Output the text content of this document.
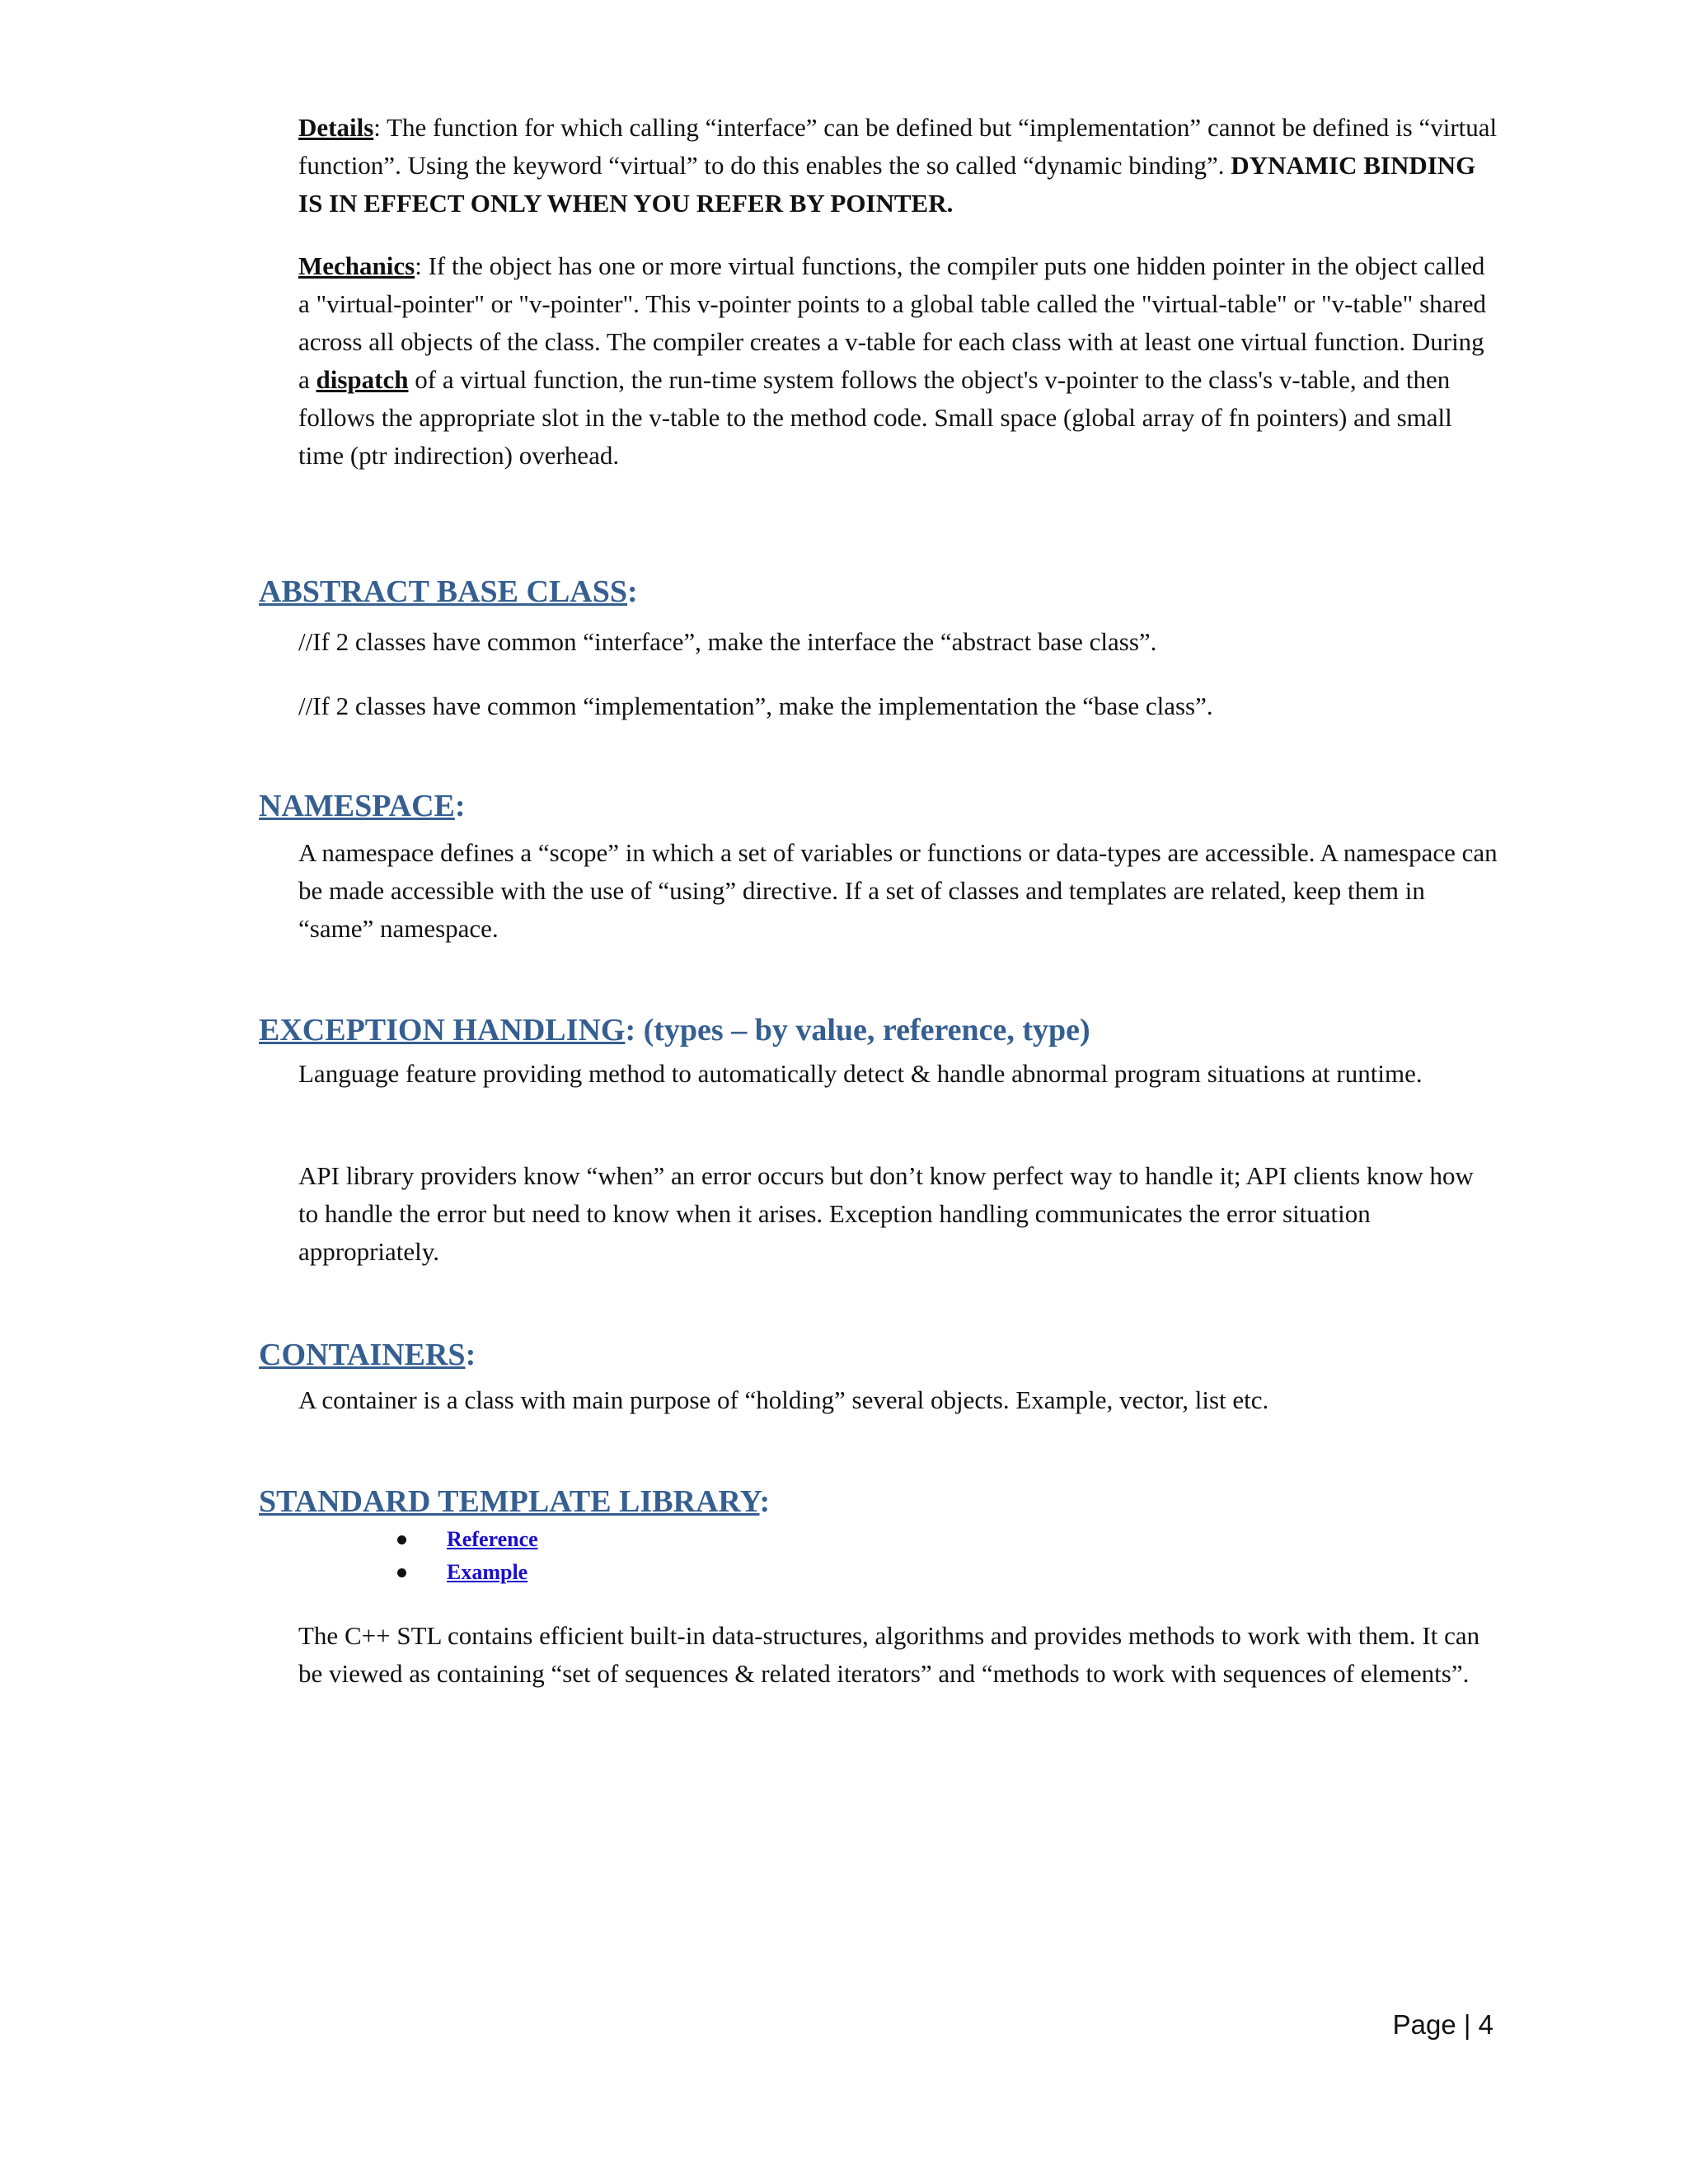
Details: The function for which calling “interface” can be defined but “implementation” cannot be defined is “virtual function”. Using the keyword “virtual” to do this enables the so called “dynamic binding”. DYNAMIC BINDING IS IN EFFECT ONLY WHEN YOU REFER BY POINTER.

Mechanics: If the object has one or more virtual functions, the compiler puts one hidden pointer in the object called a "virtual-pointer" or "v-pointer". This v-pointer points to a global table called the "virtual-table" or "v-table" shared across all objects of the class. The compiler creates a v-table for each class with at least one virtual function. During a dispatch of a virtual function, the run-time system follows the object's v-pointer to the class's v-table, and then follows the appropriate slot in the v-table to the method code. Small space (global array of fn pointers) and small time (ptr indirection) overhead.

ABSTRACT BASE CLASS:

//If 2 classes have common “interface”, make the interface the “abstract base class”.

//If 2 classes have common “implementation”, make the implementation the “base class”.

NAMESPACE:

A namespace defines a “scope” in which a set of variables or functions or data-types are accessible. A namespace can be made accessible with the use of “using” directive. If a set of classes and templates are related, keep them in “same” namespace.

EXCEPTION HANDLING: (types – by value, reference, type)

Language feature providing method to automatically detect & handle abnormal program situations at runtime.

API library providers know “when” an error occurs but don’t know perfect way to handle it; API clients know how to handle the error but need to know when it arises. Exception handling communicates the error situation appropriately.

CONTAINERS:

A container is a class with main purpose of “holding” several objects. Example, vector, list etc.

STANDARD TEMPLATE LIBRARY:
Reference
Example

The C++ STL contains efficient built-in data-structures, algorithms and provides methods to work with them. It can be viewed as containing “set of sequences & related iterators” and “methods to work with sequences of elements”.

Page | 4
